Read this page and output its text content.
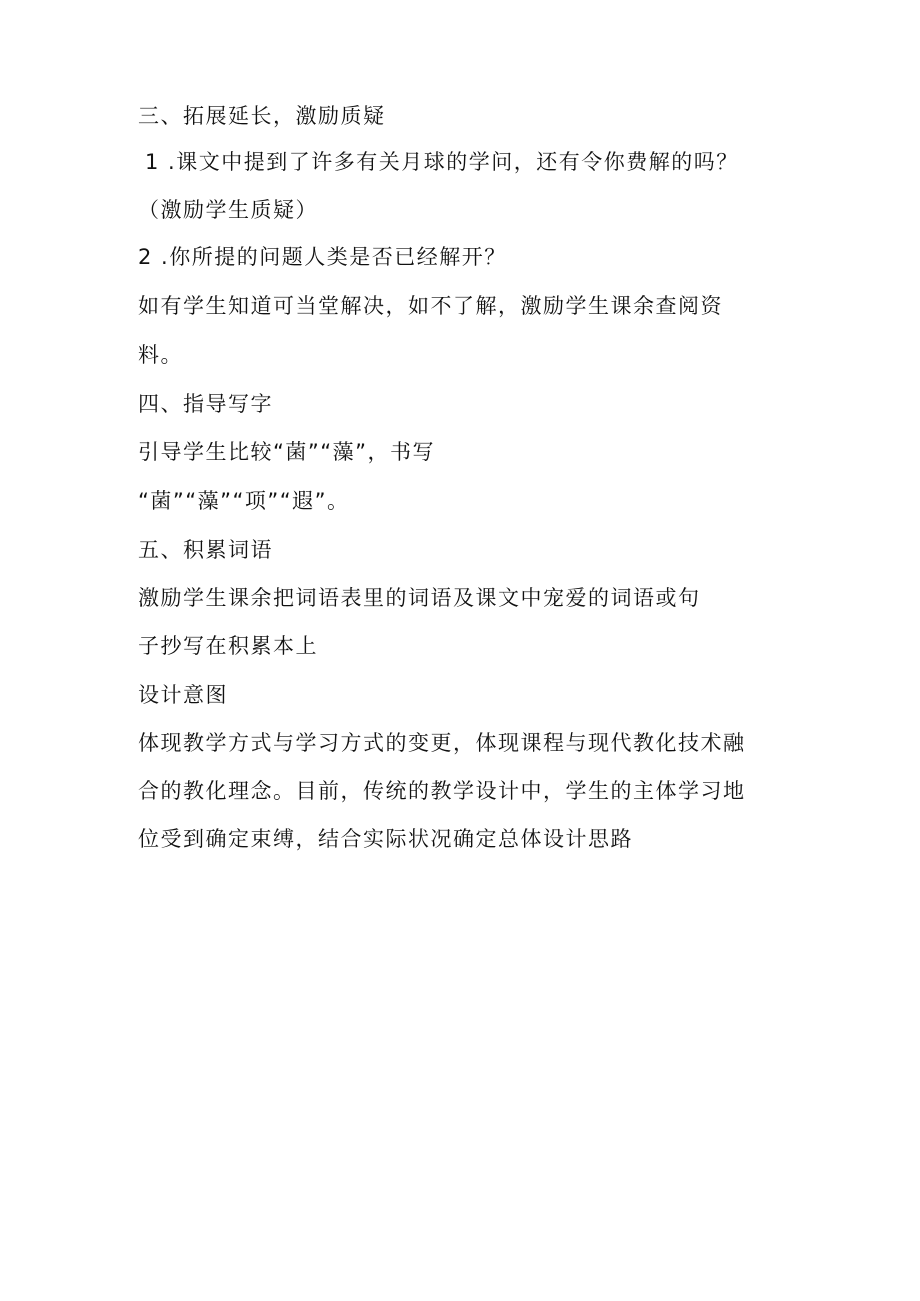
三、拓展延长，激励质疑
1 .课文中提到了许多有关月球的学问，还有令你费解的吗？
（激励学生质疑）
2 .你所提的问题人类是否已经解开？
如有学生知道可当堂解决，如不了解，激励学生课余查阅资
料。
四、指导写字
引导学生比较“菌”“藻”，书写
“菌”“藻”“项”“遐”。
五、积累词语
激励学生课余把词语表里的词语及课文中宠爱的词语或句
子抄写在积累本上
设计意图
体现教学方式与学习方式的变更，体现课程与现代教化技术融
合的教化理念。目前，传统的教学设计中，学生的主体学习地
位受到确定束缚，结合实际状况确定总体设计思路
